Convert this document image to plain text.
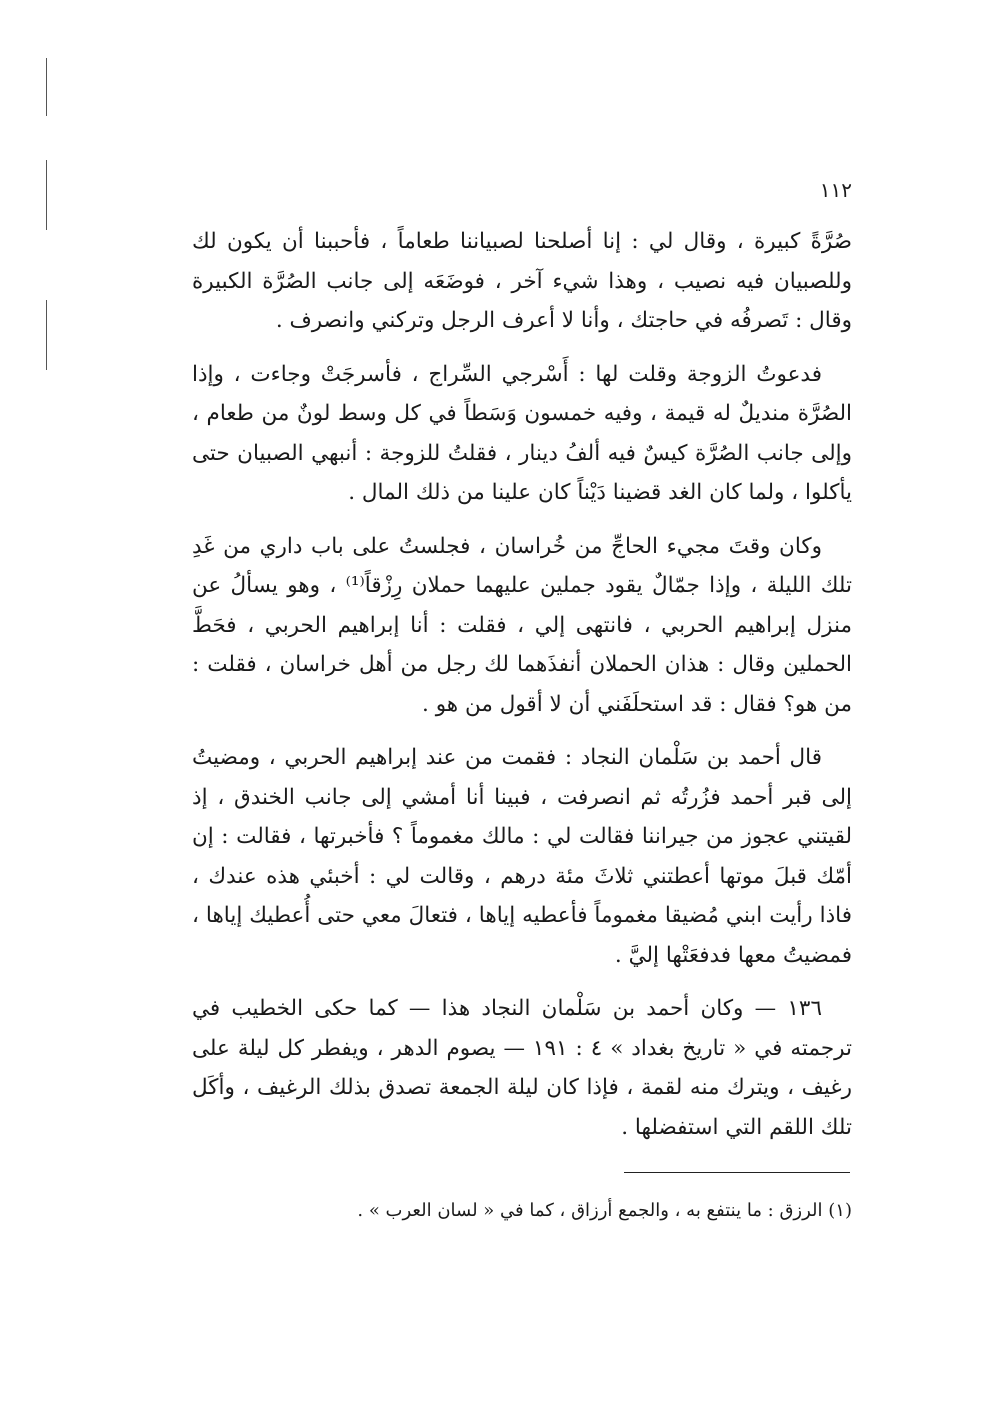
١١٢

صُرَّةً كبيرة ، وقال لي : إنا أصلحنا لصبياننا طعاماً ، فأحببنا أن يكون لك وللصبيان فيه نصيب ، وهذا شيء آخر ، فوضَعَه إلى جانب الصُرَّة الكبيرة وقال : تَصرفُه في حاجتك ، وأنا لا أعرف الرجل وتركني وانصرف .

فدعوتُ الزوجة وقلت لها : أَسْرجي السِّراج ، فأسرجَتْ وجاءت ، وإذا الصُرَّة منديلٌ له قيمة ، وفيه خمسون وَسَطاً في كل وسط لونٌ من طعام ، وإلى جانب الصُرَّة كيسٌ فيه ألفُ دينار ، فقلتُ للزوجة : أنبهي الصبيان حتى يأكلوا ، ولما كان الغد قضينا دَيْناً كان علينا من ذلك المال .

وكان وقتَ مجيء الحاجِّ من خُراسان ، فجلستُ على باب داري من غَدِ تلك الليلة ، وإذا جمّالٌ يقود جملين عليهما حملان رِزْقاً⁽¹⁾ ، وهو يسألُ عن منزل إبراهيم الحربي ، فانتهى إلي ، فقلت : أنا إبراهيم الحربي ، فحَطَّ الحملين وقال : هذان الحملان أنفذَهما لك رجل من أهل خراسان ، فقلت : من هو؟ فقال : قد استحلَفَني أن لا أقول من هو .

قال أحمد بن سَلْمان النجاد : فقمت من عند إبراهيم الحربي ، ومضيتُ إلى قبر أحمد فزُرتُه ثم انصرفت ، فبينا أنا أمشي إلى جانب الخندق ، إذ لقيتني عجوز من جيراننا فقالت لي : مالك مغموماً ؟ فأخبرتها ، فقالت : إن أمّك قبلَ موتها أعطتني ثلاثَ مئة درهم ، وقالت لي : أخبئي هذه عندك ، فاذا رأيت ابني مُضيقا مغموماً فأعطيه إياها ، فتعالَ معي حتى أُعطيك إياها ، فمضيتُ معها فدفعَتْها إليَّ .

١٣٦ — وكان أحمد بن سَلْمان النجاد هذا — كما حكى الخطيب في ترجمته في « تاريخ بغداد » ٤ : ١٩١ — يصوم الدهر ، ويفطر كل ليلة على رغيف ، ويترك منه لقمة ، فإذا كان ليلة الجمعة تصدق بذلك الرغيف ، وأكَل تلك اللقم التي استفضلها .

(١) الرزق : ما ينتفع به ، والجمع أرزاق ، كما في « لسان العرب » .
